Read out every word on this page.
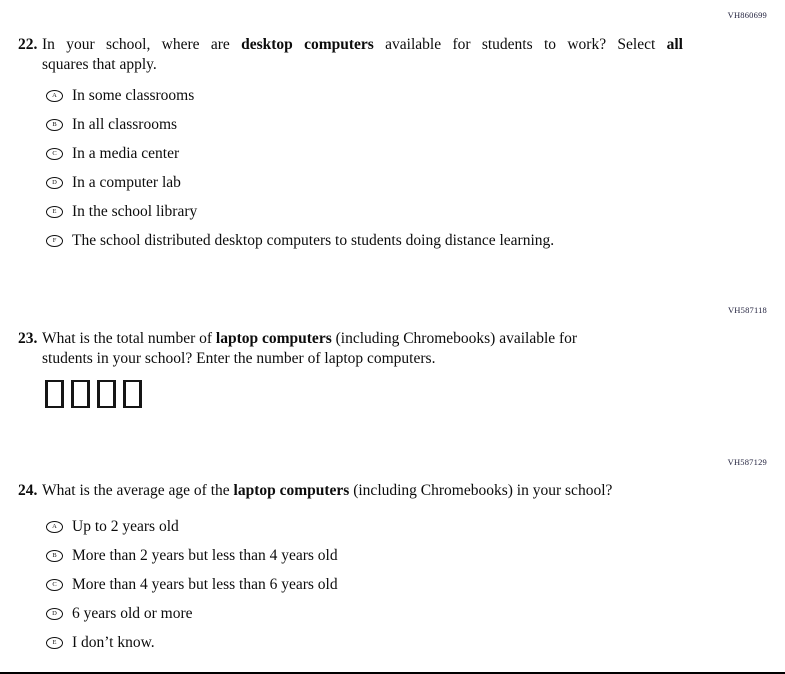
VH860699
22. In your school, where are desktop computers available for students to work? Select all
squares that apply.
A In some classrooms
B In all classrooms
C In a media center
D In a computer lab
E	In the school library
F	The school distributed desktop computers to students doing distance learning.
VH587118
23. What is the total number of laptop computers (including Chromebooks) available for
students in your school? Enter the number of laptop computers.
VH587129
24. What is the average age of the laptop computers (including Chromebooks) in your school?
A Up to 2 years old
B More than 2 years but less than 4 years old
C More than 4 years but less than 6 years old
D 6 years old or more
E	I don’t know.
